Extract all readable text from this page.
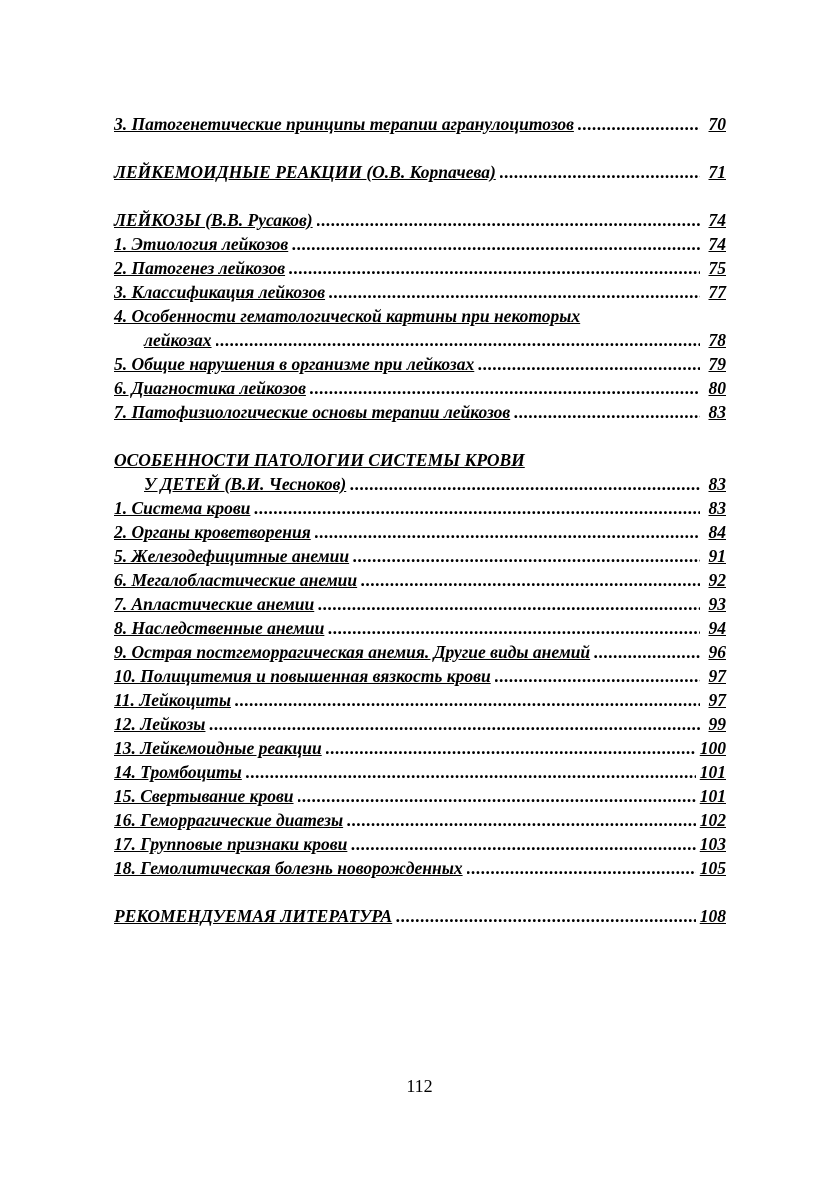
3. Патогенетические принципы терапии агранулоцитозов .....	70
ЛЕЙКЕМОИДНЫЕ РЕАКЦИИ (О.В. Корпачева) .....	71
ЛЕЙКОЗЫ (В.В. Русаков) .....	74
1. Этиология лейкозов .....	74
2. Патогенез лейкозов .....	75
3. Классификация лейкозов .....	77
4. Особенности гематологической картины при некоторых
лейкозах .....	78
5. Общие нарушения в организме при лейкозах .....	79
6. Диагностика лейкозов .....	80
7. Патофизиологические основы терапии лейкозов .....	83
ОСОБЕННОСТИ ПАТОЛОГИИ СИСТЕМЫ КРОВИ
У ДЕТЕЙ (В.И. Чесноков) .....	83
1. Система крови .....	83
2. Органы кроветворения .....	84
5. Железодефицитные анемии .....	91
6. Мегалобластические анемии .....	92
7. Апластические анемии .....	93
8. Наследственные анемии .....	94
9. Острая постгеморрагическая анемия. Другие виды анемий .....	96
10. Полицитемия и повышенная вязкость крови .....	97
11. Лейкоциты .....	97
12. Лейкозы .....	99
13. Лейкемоидные реакции .....	100
14. Тромбоциты .....	101
15. Свертывание крови .....	101
16. Геморрагические диатезы .....	102
17. Групповые признаки крови .....	103
18. Гемолитическая болезнь новорожденных .....	105
РЕКОМЕНДУЕМАЯ ЛИТЕРАТУРА .....	108
112
